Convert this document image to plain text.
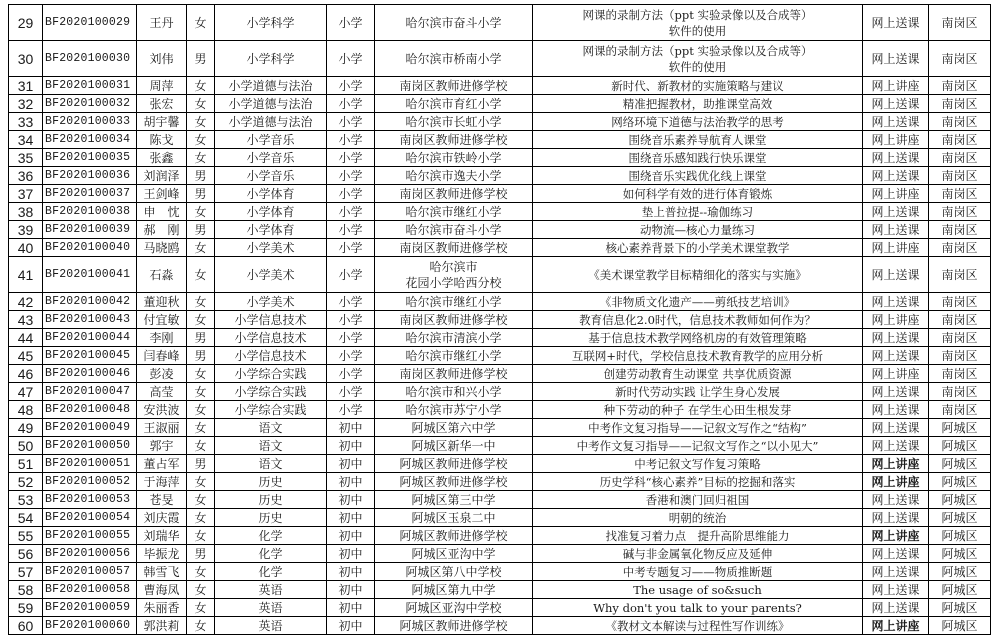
29	BF2020100029	王丹	女	小学科学	小学	哈尔滨市奋斗小学	网课的录制方法（ppt 实验录像以及合成等）
软件的使用	网上送课	南岗区
30	BF2020100030	刘伟	男	小学科学	小学	哈尔滨市桥南小学	网课的录制方法（ppt 实验录像以及合成等）
软件的使用	网上送课	南岗区
31	BF2020100031	周萍	女	小学道德与法治	小学	南岗区教师进修学校	新时代、新教材的实施策略与建议	网上讲座	南岗区
32	BF2020100032	张宏	女	小学道德与法治	小学	哈尔滨市育红小学	精准把握教材，助推课堂高效	网上送课	南岗区
33	BF2020100033	胡宇馨	女	小学道德与法治	小学	哈尔滨市长虹小学	网络环境下道德与法治教学的思考	网上送课	南岗区
34	BF2020100034	陈戈	女	小学音乐	小学	南岗区教师进修学校	围绕音乐素养导航育人课堂	网上讲座	南岗区
35	BF2020100035	张鑫	女	小学音乐	小学	哈尔滨市铁岭小学	围绕音乐感知践行快乐课堂	网上送课	南岗区
36	BF2020100036	刘润泽	男	小学音乐	小学	哈尔滨市逸夫小学	围绕音乐实践优化线上课堂	网上送课	南岗区
37	BF2020100037	王剑峰	男	小学体育	小学	南岗区教师进修学校	如何科学有效的进行体育锻炼	网上讲座	南岗区
38	BF2020100038	申　忱	女	小学体育	小学	哈尔滨市继红小学	垫上普拉提--瑜伽练习	网上送课	南岗区
39	BF2020100039	郝　刚	男	小学体育	小学	哈尔滨市奋斗小学	动物流—核心力量练习	网上送课	南岗区
40	BF2020100040	马晓鸥	女	小学美术	小学	南岗区教师进修学校	核心素养背景下的小学美术课堂教学	网上讲座	南岗区
41	BF2020100041	石淼	女	小学美术	小学	哈尔滨市
花园小学哈西分校	《美术课堂教学目标精细化的落实与实施》	网上送课	南岗区
42	BF2020100042	董迎秋	女	小学美术	小学	哈尔滨市继红小学	《非物质文化遗产——剪纸技艺培训》	网上送课	南岗区
43	BF2020100043	付宜敏	女	小学信息技术	小学	南岗区教师进修学校	教育信息化2.0时代，信息技术教师如何作为？	网上讲座	南岗区
44	BF2020100044	李刚	男	小学信息技术	小学	哈尔滨市清滨小学	基于信息技术教学网络机房的有效管理策略	网上送课	南岗区
45	BF2020100045	闫春峰	男	小学信息技术	小学	哈尔滨市继红小学	互联网+时代，学校信息技术教育教学的应用分析	网上送课	南岗区
46	BF2020100046	彭凌	女	小学综合实践	小学	南岗区教师进修学校	创建劳动教育生动课堂 共享优质资源	网上讲座	南岗区
47	BF2020100047	高莹	女	小学综合实践	小学	哈尔滨市和兴小学	新时代劳动实践 让学生身心发展	网上送课	南岗区
48	BF2020100048	安洪波	女	小学综合实践	小学	哈尔滨市苏宁小学	种下劳动的种子 在学生心田生根发芽	网上送课	南岗区
49	BF2020100049	王淑丽	女	语文	初中	阿城区第六中学	中考作文复习指导——记叙文写作之“结构”	网上送课	阿城区
50	BF2020100050	郭宇	女	语文	初中	阿城区新华一中	中考作文复习指导——记叙文写作之“以小见大”	网上送课	阿城区
51	BF2020100051	董占军	男	语文	初中	阿城区教师进修学校	中考记叙文写作复习策略	网上讲座	阿城区
52	BF2020100052	于海萍	女	历史	初中	阿城区教师进修学校	历史学科“核心素养”目标的挖掘和落实	网上讲座	阿城区
53	BF2020100053	苍旻	女	历史	初中	阿城区第三中学	香港和澳门回归祖国	网上送课	阿城区
54	BF2020100054	刘庆霞	女	历史	初中	阿城区玉泉二中	明朝的统治	网上送课	阿城区
55	BF2020100055	刘瑞华	女	化学	初中	阿城区教师进修学校	找准复习着力点　提升高阶思维能力	网上讲座	阿城区
56	BF2020100056	毕振龙	男	化学	初中	阿城区亚沟中学	碱与非金属氧化物反应及延伸	网上送课	阿城区
57	BF2020100057	韩雪飞	女	化学	初中	阿城区第八中学校	中考专题复习——物质推断题	网上送课	阿城区
58	BF2020100058	曹海凤	女	英语	初中	阿城区第九中学	The usage of so&such	网上送课	阿城区
59	BF2020100059	朱丽香	女	英语	初中	阿城区亚沟中学校	Why don't you talk to your parents?	网上送课	阿城区
60	BF2020100060	郭洪莉	女	英语	初中	阿城区教师进修学校	《教材文本解读与过程性写作训练》	网上讲座	阿城区
